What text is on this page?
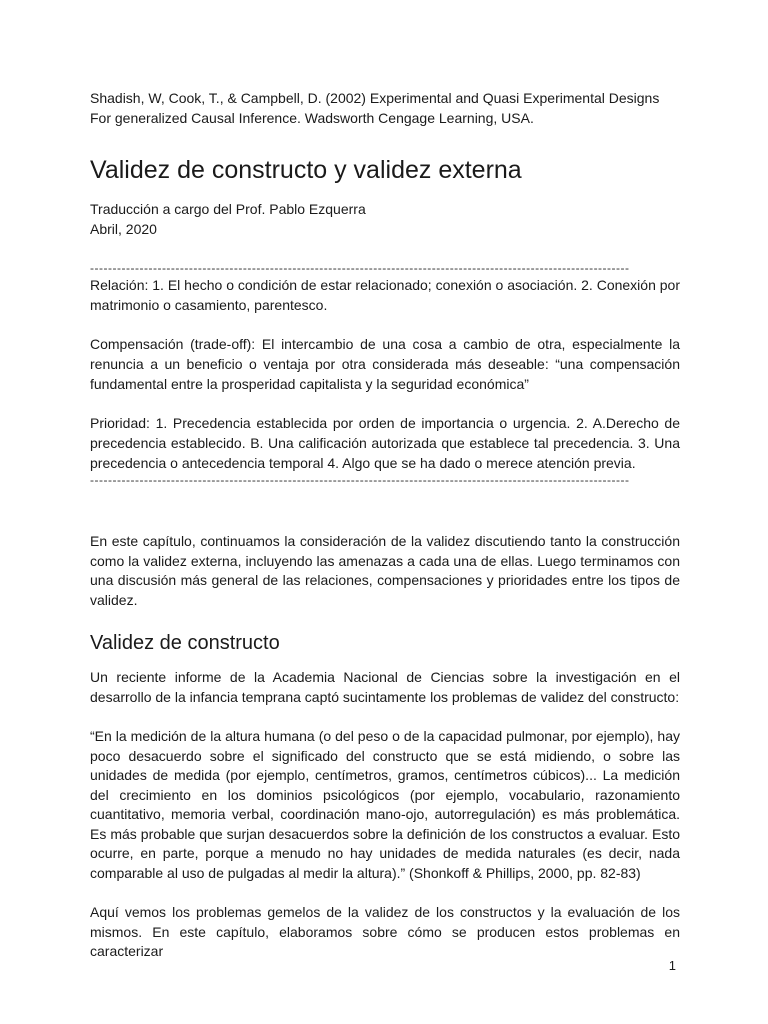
Shadish, W, Cook, T., & Campbell, D. (2002) Experimental and Quasi Experimental Designs For generalized Causal Inference. Wadsworth Cengage Learning, USA.

Validez de constructo y validez externa

Traducción a cargo del Prof. Pablo Ezquerra

Abril, 2020

------------------------------------------------------------------------------------------------------------------------

Relación: 1. El hecho o condición de estar relacionado; conexión o asociación. 2. Conexión por matrimonio o casamiento, parentesco.

Compensación (trade-off): El intercambio de una cosa a cambio de otra, especialmente la renuncia a un beneficio o ventaja por otra considerada más deseable: “una compensación fundamental entre la prosperidad capitalista y la seguridad económica”

Prioridad: 1. Precedencia establecida por orden de importancia o urgencia. 2. A.Derecho de precedencia establecido. B. Una calificación autorizada que establece tal precedencia. 3. Una precedencia o antecedencia temporal 4. Algo que se ha dado o merece atención previa.

------------------------------------------------------------------------------------------------------------------------

En este capítulo, continuamos la consideración de la validez discutiendo tanto la construcción como la validez externa, incluyendo las amenazas a cada una de ellas. Luego terminamos con una discusión más general de las relaciones, compensaciones y prioridades entre los tipos de validez.

Validez de constructo

Un reciente informe de la Academia Nacional de Ciencias sobre la investigación en el desarrollo de la infancia temprana captó sucintamente los problemas de validez del constructo:

“En la medición de la altura humana (o del peso o de la capacidad pulmonar, por ejemplo), hay poco desacuerdo sobre el significado del constructo que se está midiendo, o sobre las unidades de medida (por ejemplo, centímetros, gramos, centímetros cúbicos)... La medición del crecimiento en los dominios psicológicos (por ejemplo, vocabulario, razonamiento cuantitativo, memoria verbal, coordinación mano-ojo, autorregulación) es más problemática. Es más probable que surjan desacuerdos sobre la definición de los constructos a evaluar. Esto ocurre, en parte, porque a menudo no hay unidades de medida naturales (es decir, nada comparable al uso de pulgadas al medir la altura).” (Shonkoff & Phillips, 2000, pp. 82-83)

Aquí vemos los problemas gemelos de la validez de los constructos y la evaluación de los mismos. En este capítulo, elaboramos sobre cómo se producen estos problemas en caracterizar

1
